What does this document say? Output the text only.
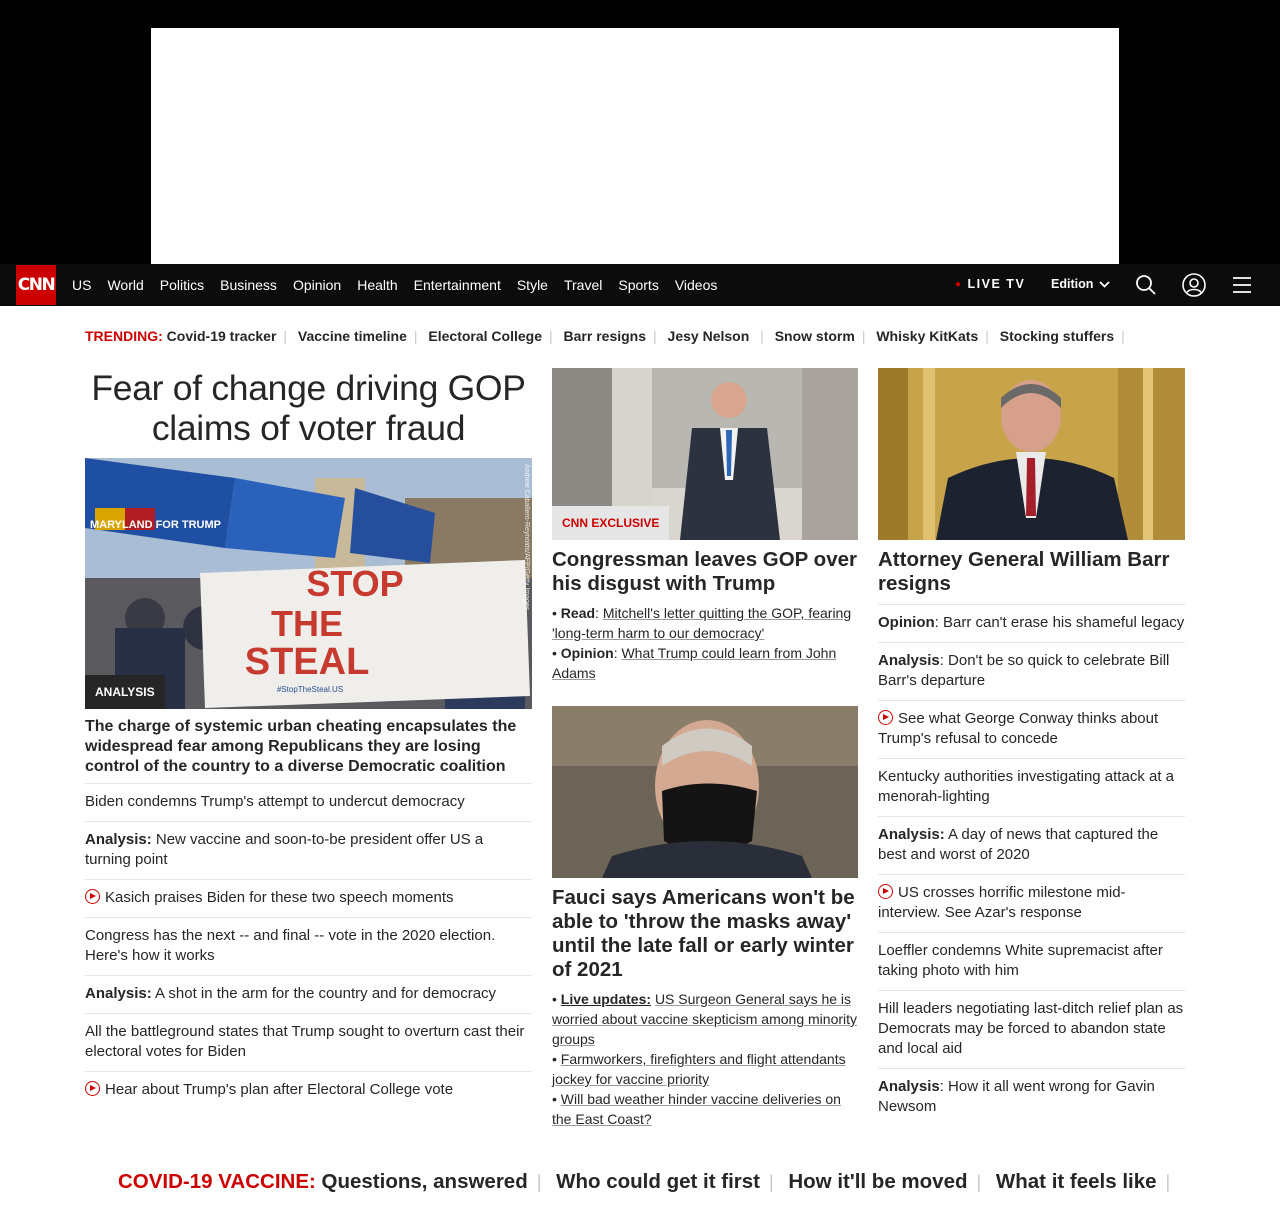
CNN	US	World	Politics	Business	Opinion	Health	Entertainment	Style	Travel	Sports	Videos	● LIVE TV Edition
TRENDING: Covid-19 tracker | Vaccine timeline | Electoral College | Barr resigns | Jesy Nelson | Snow storm | Whisky KitKats | Stocking stuffers |
Fear of change driving GOP claims of voter fraud
STOP
THE
STEAL
#StopTheSteal.US
MARYLAND FOR TRUMP	Andrew Caballero-Reynolds/AFP/Getty Images
ANALYSIS
The charge of systemic urban cheating encapsulates the widespread fear among Republicans they are losing control of the country to a diverse Democratic coalition
Biden condemns Trump's attempt to undercut democracy
Analysis: New vaccine and soon-to-be president offer US a turning point
Kasich praises Biden for these two speech moments
Congress has the next -- and final -- vote in the 2020 election. Here's how it works
Analysis: A shot in the arm for the country and for democracy
All the battleground states that Trump sought to overturn cast their electoral votes for Biden
Hear about Trump's plan after Electoral College vote
CNN EXCLUSIVE
Congressman leaves GOP over his disgust with Trump
• Read: Mitchell's letter quitting the GOP, fearing 'long-term harm to our democracy'
• Opinion: What Trump could learn from John Adams
Fauci says Americans won't be able to 'throw the masks away' until the late fall or early winter of 2021
• Live updates: US Surgeon General says he is worried about vaccine skepticism among minority groups
• Farmworkers, firefighters and flight attendants jockey for vaccine priority
• Will bad weather hinder vaccine deliveries on the East Coast?
Attorney General William Barr resigns
Opinion: Barr can't erase his shameful legacy
Analysis: Don't be so quick to celebrate Bill Barr's departure
See what George Conway thinks about Trump's refusal to concede
Kentucky authorities investigating attack at a menorah-lighting
Analysis: A day of news that captured the best and worst of 2020
US crosses horrific milestone mid-interview. See Azar's response
Loeffler condemns White supremacist after taking photo with him
Hill leaders negotiating last-ditch relief plan as Democrats may be forced to abandon state and local aid
Analysis: How it all went wrong for Gavin Newsom
COVID-19 VACCINE: Questions, answered | Who could get it first | How it'll be moved | What it feels like |
